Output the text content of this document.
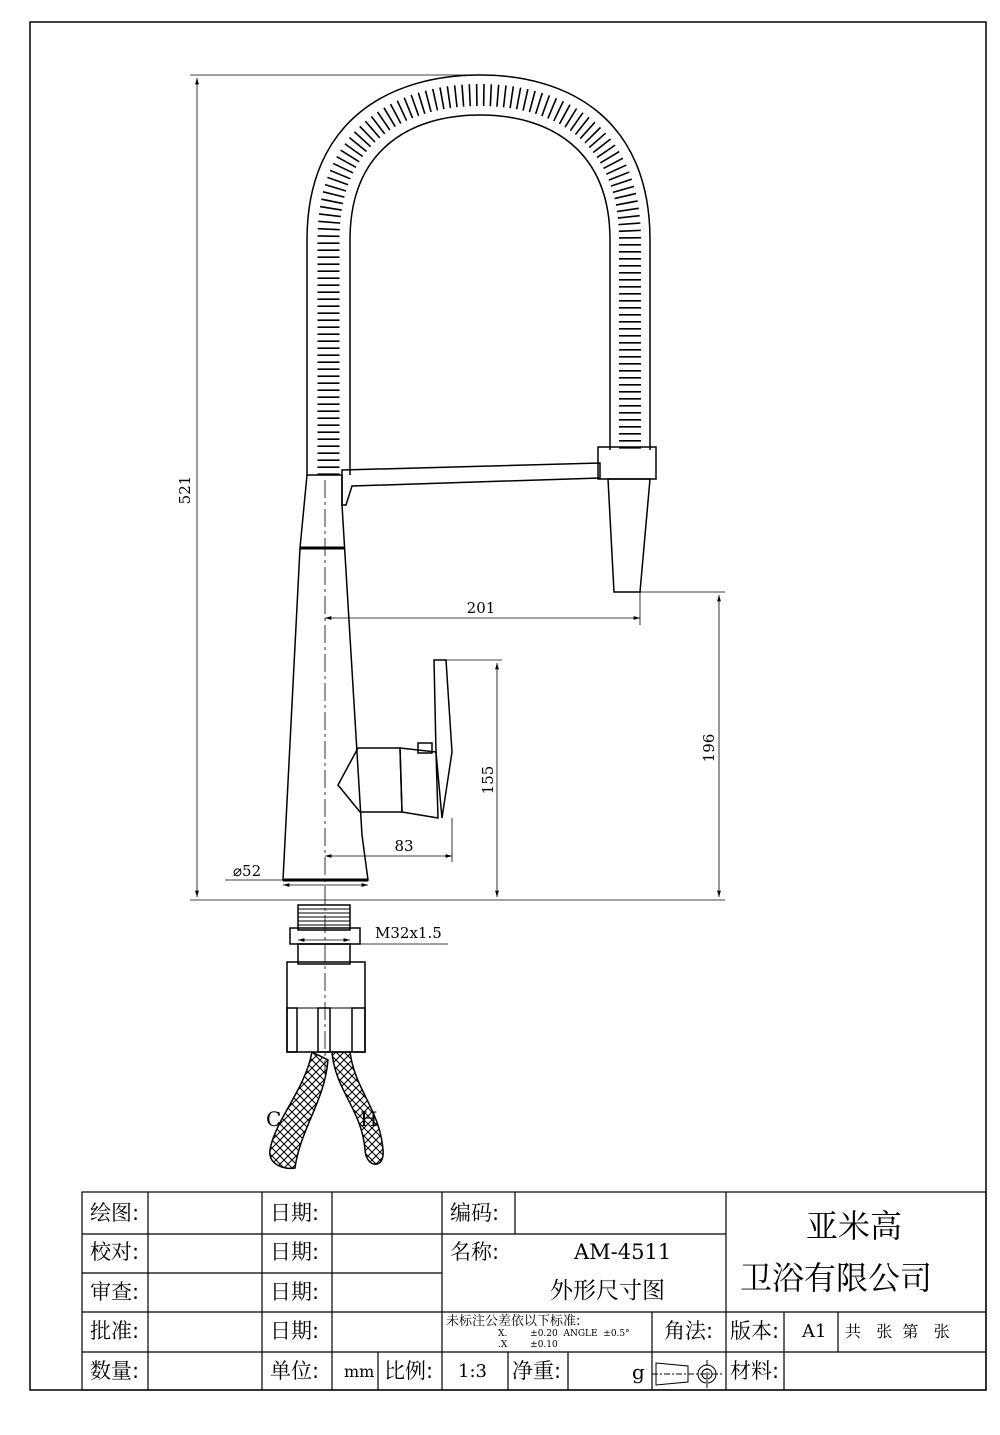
521
201
196
155
83
⌀52
M32x1.5
C	H
绘图:	日期:
校对:	日期:
审查:	日期:
批准:	日期:
编码:
名称:	AM-4511
外形尺寸图
亚米高
卫浴有限公司
未标注公差依以下标准:
X.        ±0.20  ANGLE  ±0.5°
.X        ±0.10
角法: 版本: A1 共   张  第   张
数量:	单位: mm 比例: 1:3 净重:	g	材料:
